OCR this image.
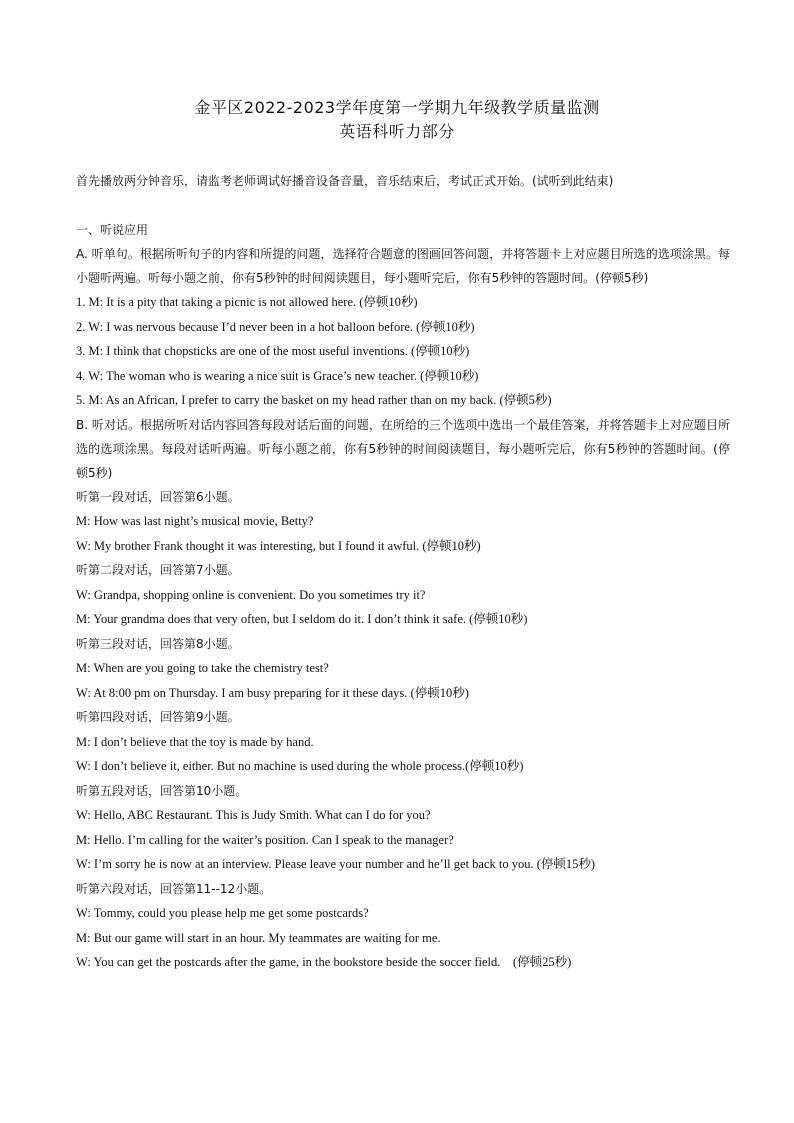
金平区2022-2023学年度第一学期九年级教学质量监测
英语科听力部分
首先播放两分钟音乐，请监考老师调试好播音设备音量，音乐结束后，考试正式开始。(试听到此结束)
一、听说应用
A. 听单句。根据所听句子的内容和所提的问题，选择符合题意的图画回答问题，并将答题卡上对应题目所选的选项涂黑。每小题听两遍。听每小题之前，你有5秒钟的时间阅读题目，每小题听完后，你有5秒钟的答题时间。(停顿5秒)
1. M: It is a pity that taking a picnic is not allowed here. (停顿10秒)
2. W: I was nervous because I’d never been in a hot balloon before. (停顿10秒)
3. M: I think that chopsticks are one of the most useful inventions. (停顿10秒)
4. W: The woman who is wearing a nice suit is Grace’s new teacher. (停顿10秒)
5. M: As an African, I prefer to carry the basket on my head rather than on my back. (停顿5秒)
B. 听对话。根据所听对话内容回答每段对话后面的问题，在所给的三个选项中选出一个最佳答案，并将答题卡上对应题目所选的选项涂黑。每段对话听两遍。听每小题之前，你有5秒钟的时间阅读题目，每小题听完后，你有5秒钟的答题时间。(停顿5秒)
听第一段对话，回答第6小题。
M: How was last night’s musical movie, Betty?
W: My brother Frank thought it was interesting, but I found it awful. (停顿10秒)
听第二段对话，回答第7小题。
W: Grandpa, shopping online is convenient. Do you sometimes try it?
M: Your grandma does that very often, but I seldom do it. I don’t think it safe. (停顿10秒)
听第三段对话，回答第8小题。
M: When are you going to take the chemistry test?
W: At 8:00 pm on Thursday. I am busy preparing for it these days. (停顿10秒)
听第四段对话，回答第9小题。
M: I don’t believe that the toy is made by hand.
W: I don’t believe it, either. But no machine is used during the whole process.(停顿10秒)
听第五段对话，回答第10小题。
W: Hello, ABC Restaurant. This is Judy Smith. What can I do for you?
M: Hello. I’m calling for the waiter’s position. Can I speak to the manager?
W: I’m sorry he is now at an interview. Please leave your number and he’ll get back to you. (停顿15秒)
听第六段对话，回答第11--12小题。
W: Tommy, could you please help me get some postcards?
M: But our game will start in an hour. My teammates are waiting for me.
W: You can get the postcards after the game, in the bookstore beside the soccer field.　(停顿25秒)
